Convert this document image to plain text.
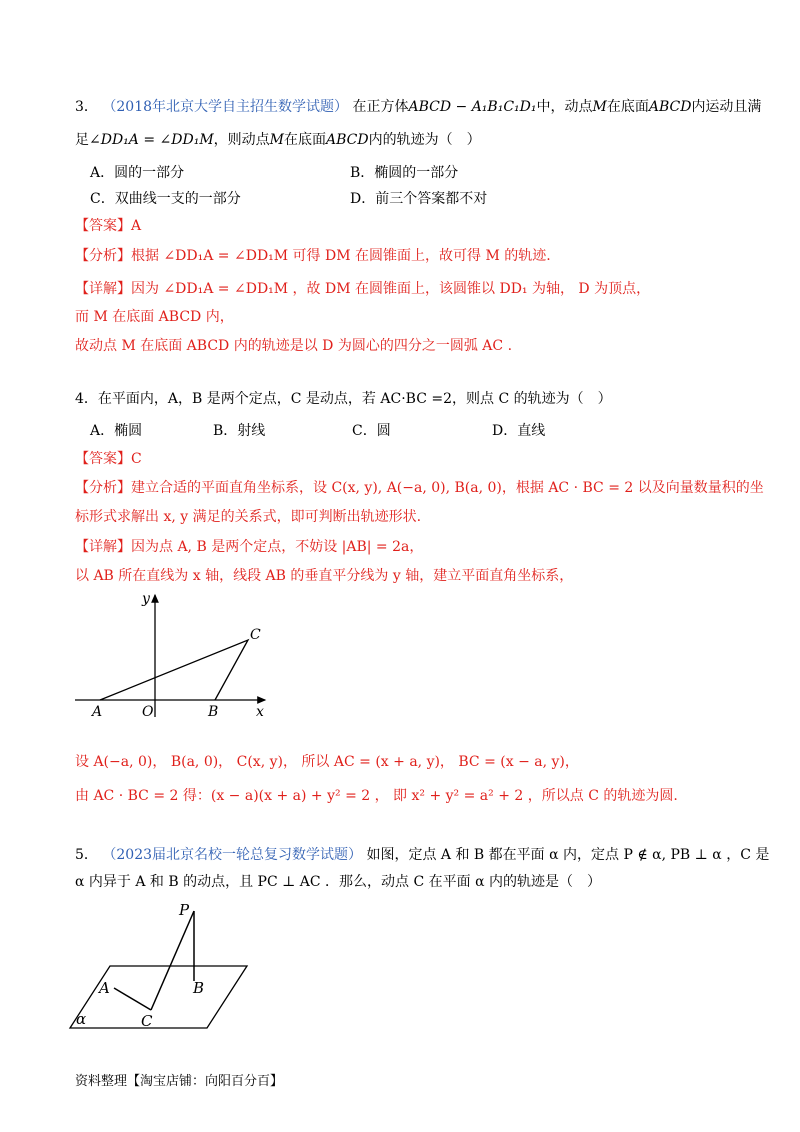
3． （2018年北京大学自主招生数学试题） 在正方体ABCD − A₁B₁C₁D₁中，动点M在底面ABCD内运动且满
足∠DD₁A = ∠DD₁M，则动点M在底面ABCD内的轨迹为（　）
A．圆的一部分	B．椭圆的一部分
C．双曲线一支的一部分	D．前三个答案都不对
【答案】A
【分析】根据 ∠DD₁A = ∠DD₁M 可得 DM 在圆锥面上，故可得 M 的轨迹.
【详解】因为 ∠DD₁A = ∠DD₁M ，故 DM 在圆锥面上，该圆锥以 DD₁ 为轴， D 为顶点，
而 M 在底面 ABCD 内，
故动点 M 在底面 ABCD 内的轨迹是以 D 为圆心的四分之一圆弧 AC .
4．在平面内，A，B 是两个定点，C 是动点，若 AC·BC =2，则点 C 的轨迹为（　）
A．椭圆	B．射线	C．圆	D．直线
【答案】C
【分析】建立合适的平面直角坐标系，设 C(x, y), A(−a, 0), B(a, 0)，根据 AC · BC = 2 以及向量数量积的坐
标形式求解出 x, y 满足的关系式，即可判断出轨迹形状.
【详解】因为点 A, B 是两个定点，不妨设 |AB| = 2a，
以 AB 所在直线为 x 轴，线段 AB 的垂直平分线为 y 轴，建立平面直角坐标系，
y
x
A	O	B
C
设 A(−a, 0)， B(a, 0)， C(x, y)， 所以 AC = (x + a, y)， BC = (x − a, y)，
由 AC · BC = 2 得：(x − a)(x + a) + y² = 2 ， 即 x² + y² = a² + 2 ，所以点 C 的轨迹为圆.
5． （2023届北京名校一轮总复习数学试题） 如图，定点 A 和 B 都在平面 α 内，定点 P ∉ α, PB ⊥ α ，C 是
α 内异于 A 和 B 的动点，且 PC ⊥ AC ．那么，动点 C 在平面 α 内的轨迹是（　）
P
A	B
C
α
资料整理【淘宝店铺：向阳百分百】
